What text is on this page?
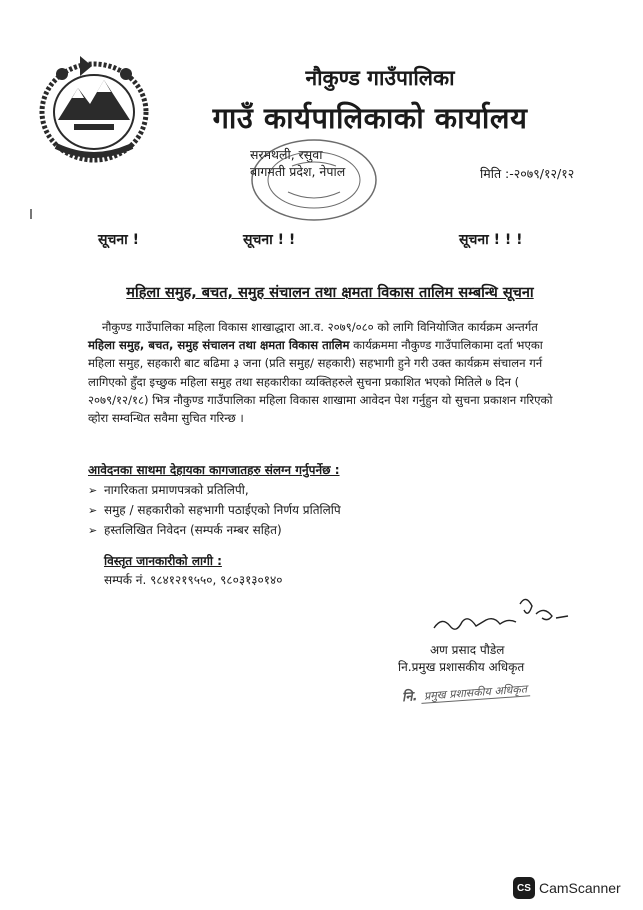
नौकुण्ड गाउँपालिका
गाउँ कार्यपालिकाको कार्यालय
सरमथली, रसुवा
बागमती प्रदेश, नेपाल	मिति :-२०७९/१२/१२
सूचना !	सूचना ! !	सूचना ! ! !
महिला समुह, बचत, समुह संचालन तथा क्षमता विकास तालिम सम्बन्धि सूचना
नौकुण्ड गाउँपालिका महिला विकास शाखाद्धारा आ.व. २०७९/०८० को लागि विनियोजित कार्यक्रम अन्तर्गत
महिला समुह, बचत, समुह संचालन तथा क्षमता विकास तालिम कार्यक्रममा नौकुण्ड गाउँपालिकामा दर्ता भएका
महिला समुह, सहकारी बाट बढिमा ३ जना (प्रति समुह/ सहकारी) सहभागी हुने गरी उक्त कार्यक्रम संचालन गर्न
लागिएको हुँदा इच्छुक महिला समुह तथा सहकारीका व्यक्तिहरुले सुचना प्रकाशित भएको मितिले ७ दिन (
२०७९/१२/१८) भित्र नौकुण्ड गाउँपालिका महिला विकास शाखामा आवेदन पेश गर्नुहुन यो सुचना प्रकाशन गरिएको
व्होरा सम्वन्धित सवैमा सुचित गरिन्छ ।
आवेदनका साथमा देहायका कागजातहरु संलग्न गर्नुपर्नेछ :
➢ नागरिकता प्रमाणपत्रको प्रतिलिपी,
➢ समुह / सहकारीको सहभागी पठाईएको निर्णय प्रतिलिपि
➢ हस्तलिखित निवेदन (सम्पर्क नम्बर सहित)
विस्तृत जानकारीको लागी :
सम्पर्क नं. ९८४१२१९५५०, ९८०३१३०१४०
अण प्रसाद पौडेल
नि.प्रमुख प्रशासकीय अधिकृत
नि. प्रमुख प्रशासकीय अधिकृत
CS CamScanner
